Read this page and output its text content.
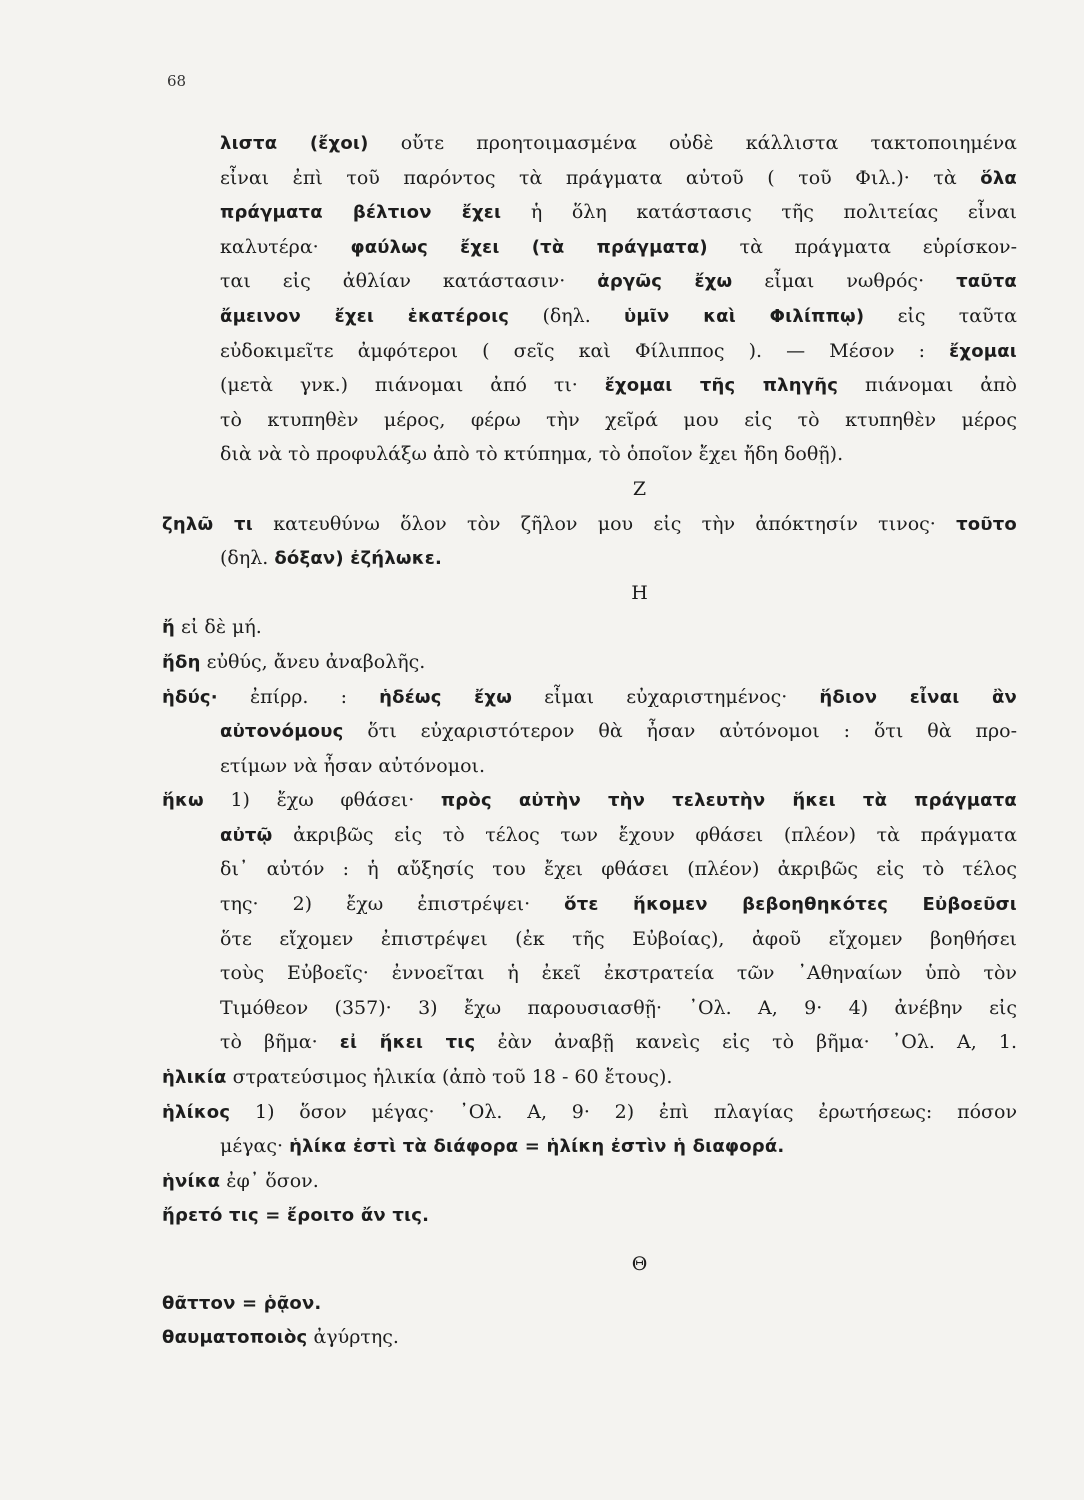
68
λιστα (ἔχοι) οὔτε προητοιμασμένα οὐδὲ κάλλιστα τακτοποιημένα
εἶναι ἐπὶ τοῦ παρόντος τὰ πράγματα αὐτοῦ ( τοῦ Φιλ.)· τὰ ὅλα
πράγματα βέλτιον ἔχει ἡ ὅλη κατάστασις τῆς πολιτείας εἶναι
καλυτέρα· φαύλως ἔχει (τὰ πράγματα) τὰ πράγματα εὑρίσκον-
ται εἰς ἀθλίαν κατάστασιν· ἀργῶς ἔχω εἶμαι νωθρός· ταῦτα
ἄμεινον ἔχει ἑκατέροις (δηλ. ὑμῖν καὶ Φιλίππῳ) εἰς ταῦτα
εὐδοκιμεῖτε ἀμφότεροι ( σεῖς καὶ Φίλιππος ). — Μέσον : ἔχομαι
(μετὰ γνκ.) πιάνομαι ἀπό τι· ἔχομαι τῆς πληγῆς πιάνομαι ἀπὸ
τὸ κτυπηθὲν μέρος, φέρω τὴν χεῖρά μου εἰς τὸ κτυπηθὲν μέρος
διὰ νὰ τὸ προφυλάξω ἀπὸ τὸ κτύπημα, τὸ ὁποῖον ἔχει ἤδη δοθῇ).
Ζ
ζηλῶ τι κατευθύνω ὅλον τὸν ζῆλον μου εἰς τὴν ἀπόκτησίν τινος· τοῦτο
(δηλ. δόξαν) ἐζήλωκε.
Η
ἤ εἰ δὲ μή.
ἤδη εὐθύς, ἄνευ ἀναβολῆς.
ἡδύς· ἐπίρρ. : ἡδέως ἔχω εἶμαι εὐχαριστημένος· ἥδιον εἶναι ἂν
αὐτονόμους ὅτι εὐχαριστότερον θὰ ἦσαν αὐτόνομοι : ὅτι θὰ προ-
ετίμων νὰ ἦσαν αὐτόνομοι.
ἥκω 1) ἔχω φθάσει· πρὸς αὐτὴν τὴν τελευτὴν ἥκει τὰ πράγματα
αὐτῷ ἀκριβῶς εἰς τὸ τέλος των ἔχουν φθάσει (πλέον) τὰ πράγματα
δι᾽ αὐτόν : ἡ αὔξησίς του ἔχει φθάσει (πλέον) ἀκριβῶς εἰς τὸ τέλος
της· 2) ἔχω ἐπιστρέψει· ὅτε ἥκομεν βεβοηθηκότες Εὐβοεῦσι
ὅτε εἴχομεν ἐπιστρέψει (ἐκ τῆς Εὐβοίας), ἀφοῦ εἴχομεν βοηθήσει
τοὺς Εὐβοεῖς· ἐννοεῖται ἡ ἐκεῖ ἐκστρατεία τῶν ᾽Αθηναίων ὑπὸ τὸν
Τιμόθεον (357)· 3) ἔχω παρουσιασθῇ· ᾽Ολ. Α, 9· 4) ἀνέβην εἰς
τὸ βῆμα· εἰ ἥκει τις ἐὰν ἀναβῇ κανεὶς εἰς τὸ βῆμα· ᾽Ολ. Α, 1.
ἡλικία στρατεύσιμος ἡλικία (ἀπὸ τοῦ 18 - 60 ἔτους).
ἡλίκος 1) ὅσον μέγας· ᾽Ολ. Α, 9· 2) ἐπὶ πλαγίας ἐρωτήσεως: πόσον
μέγας· ἡλίκα ἐστὶ τὰ διάφορα = ἡλίκη ἐστὶν ἡ διαφορά.
ἡνίκα ἐφ᾽ ὅσον.
ἤρετό τις = ἔροιτο ἄν τις.
Θ
θᾶττον = ῥᾷον.
θαυματοποιὸς ἀγύρτης.
